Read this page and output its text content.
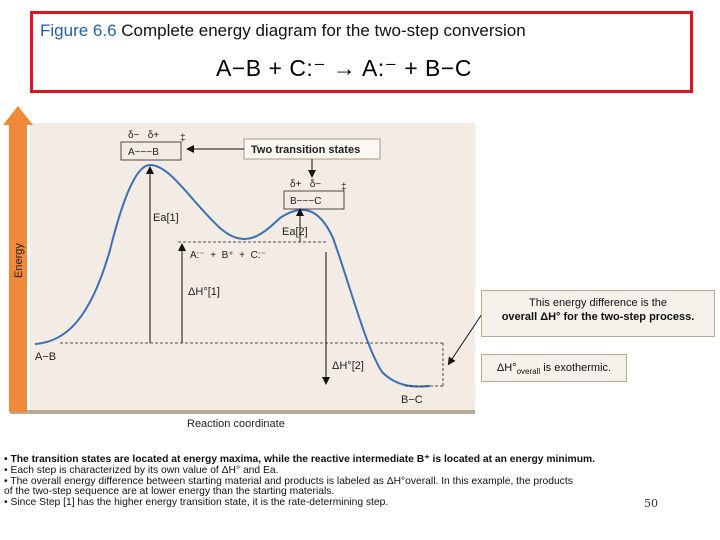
Figure 6.6 Complete energy diagram for the two-step conversion
A−B + C:⁻ → A:⁻ + B−C
Energy
Reaction coordinate
δ−   δ+ ‡
A−−−B	Two transition states
δ+   δ− ‡
B−−−C
Ea[1]
Ea[2]
A:⁻  +  B⁺  +  C:⁻
ΔH°[1]
ΔH°[2]
A−B
B−C
This energy difference is the
overall ΔH° for the two-step process.
$\Delta H^\circ_{overall}$ is exothermic.
• The transition states are located at energy maxima, while the reactive intermediate B⁺ is located at an energy minimum.
• Each step is characterized by its own value of ΔH° and Ea.
• The overall energy difference between starting material and products is labeled as ΔH°overall. In this example, the products
of the two-step sequence are at lower energy than the starting materials.
• Since Step [1] has the higher energy transition state, it is the rate-determining step.	50
